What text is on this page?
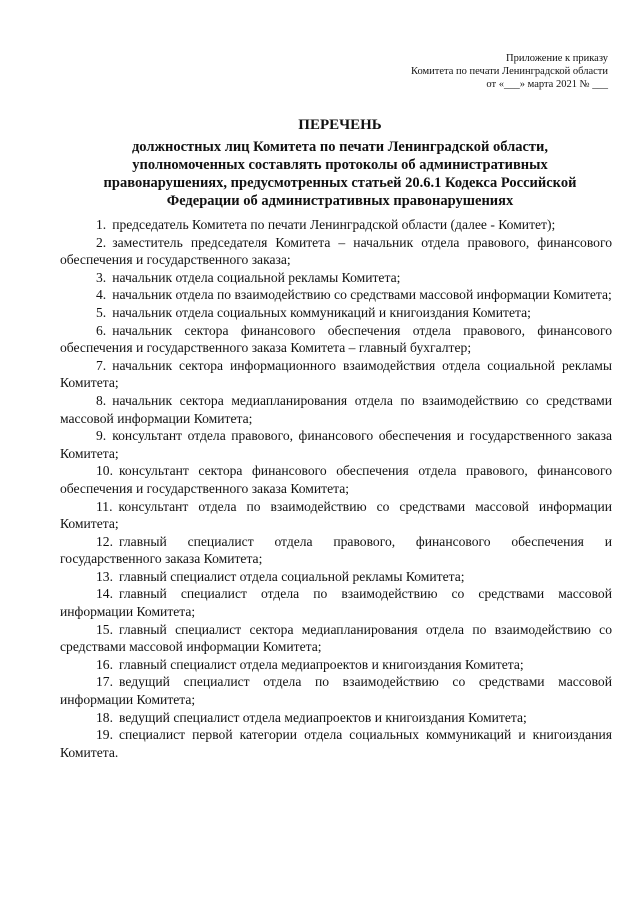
Приложение к приказу
Комитета по печати Ленинградской области
от «___» марта 2021 № ___
ПЕРЕЧЕНЬ
должностных лиц Комитета по печати Ленинградской области,
уполномоченных составлять протоколы об административных
правонарушениях, предусмотренных статьей 20.6.1 Кодекса Российской
Федерации об административных правонарушениях

1. председатель Комитета по печати Ленинградской области (далее - Комитет);

2. заместитель председателя Комитета – начальник отдела правового, финансового обеспечения и государственного заказа;

3. начальник отдела социальной рекламы Комитета;

4. начальник отдела по взаимодействию со средствами массовой информации Комитета;

5. начальник отдела социальных коммуникаций и книгоиздания Комитета;

6. начальник сектора финансового обеспечения отдела правового, финансового обеспечения и государственного заказа Комитета – главный бухгалтер;

7. начальник сектора информационного взаимодействия отдела социальной рекламы Комитета;

8. начальник сектора медиапланирования отдела по взаимодействию со средствами массовой информации Комитета;

9. консультант отдела правового, финансового обеспечения и государственного заказа Комитета;

10. консультант сектора финансового обеспечения отдела правового, финансового обеспечения и государственного заказа Комитета;

11. консультант отдела по взаимодействию со средствами массовой информации Комитета;

12. главный специалист отдела правового, финансового обеспечения и государственного заказа Комитета;

13. главный специалист отдела социальной рекламы Комитета;

14. главный специалист отдела по взаимодействию со средствами массовой информации Комитета;

15. главный специалист сектора медиапланирования отдела по взаимодействию со средствами массовой информации Комитета;

16. главный специалист отдела медиапроектов и книгоиздания Комитета;

17. ведущий специалист отдела по взаимодействию со средствами массовой информации Комитета;

18. ведущий специалист отдела медиапроектов и книгоиздания Комитета;

19. специалист первой категории отдела социальных коммуникаций и книгоиздания Комитета.
